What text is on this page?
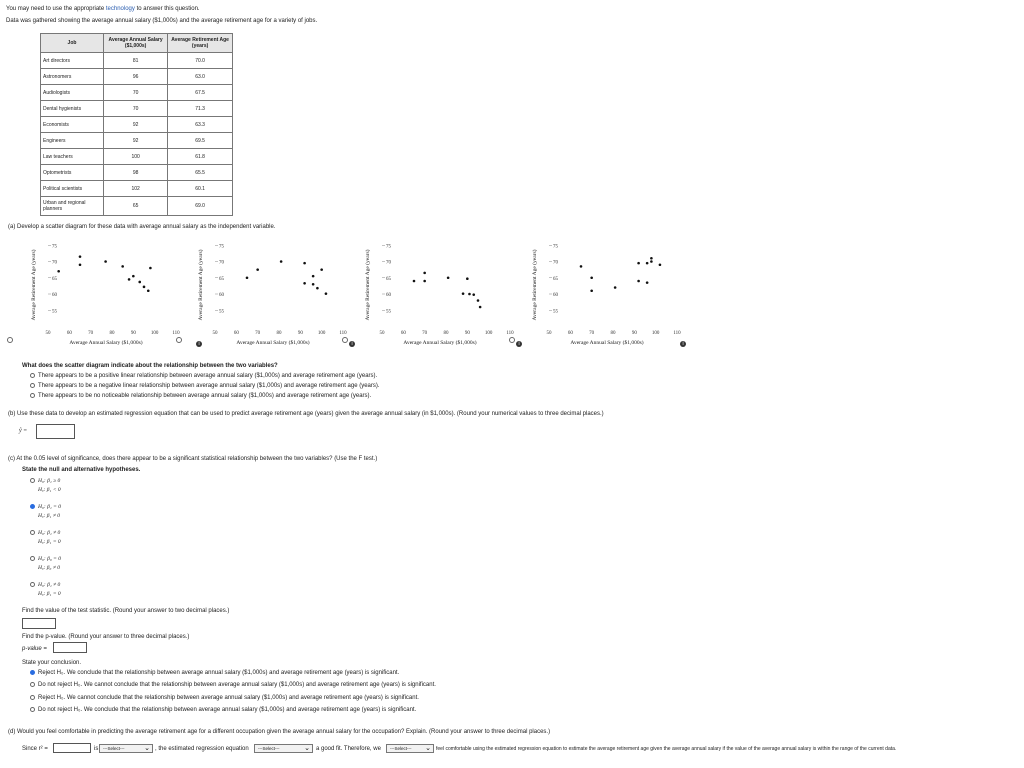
You may need to use the appropriate technology to answer this question.
Data was gathered showing the average annual salary ($1,000s) and the average retirement age for a variety of jobs.
Job	Average Annual Salary ($1,000s)	Average Retirement Age (years)
Art directors	81	70.0
Astronomers	96	63.0
Audiologists	70	67.5
Dental hygienists	70	71.3
Economists	92	63.3
Engineers	92	69.5
Law teachers	100	61.8
Optometrists	98	65.5
Political scientists	102	60.1
Urban and regional planners	65	69.0
(a) Develop a scatter diagram for these data with average annual salary as the independent variable.
55
60
65
70
75
50	60	70	80	90	100	110
Average Retirement Age (years)
Average Annual Salary ($1,000s)
55
60
65
70
75
50	60	70	80	90	100	110
Average Retirement Age (years)
Average Annual Salary ($1,000s)
55
60
65
70
75
50	60	70	80	90	100	110
Average Retirement Age (years)
Average Annual Salary ($1,000s)
55
60
65
70
75
50	60	70	80	90	100	110
Average Retirement Age (years)
Average Annual Salary ($1,000s)
i	i	i	i
What does the scatter diagram indicate about the relationship between the two variables?
There appears to be a positive linear relationship between average annual salary ($1,000s) and average retirement age (years).
There appears to be a negative linear relationship between average annual salary ($1,000s) and average retirement age (years).
There appears to be no noticeable relationship between average annual salary ($1,000s) and average retirement age (years).
(b) Use these data to develop an estimated regression equation that can be used to predict average retirement age (years) given the average annual salary (in $1,000s). (Round your numerical values to three decimal places.)
ŷ =
(c) At the 0.05 level of significance, does there appear to be a significant statistical relationship between the two variables? (Use the F test.)
State the null and alternative hypotheses.
H₀: β₁ ≥ 0
Hₐ: β₁ < 0
H₀: β₁ = 0
Hₐ: β₁ ≠ 0
H₀: β₁ ≠ 0
Hₐ: β₁ = 0
H₀: β₀ = 0
Hₐ: β₀ ≠ 0
H₀: β₁ ≠ 0
Hₐ: β₁ = 0
Find the value of the test statistic. (Round your answer to two decimal places.)
Find the p-value. (Round your answer to three decimal places.)
p-value =
State your conclusion.
Reject H₀. We conclude that the relationship between average annual salary ($1,000s) and average retirement age (years) is significant.
Do not reject H₀. We cannot conclude that the relationship between average annual salary ($1,000s) and average retirement age (years) is significant.
Reject H₀. We cannot conclude that the relationship between average annual salary ($1,000s) and average retirement age (years) is significant.
Do not reject H₀. We conclude that the relationship between average annual salary ($1,000s) and average retirement age (years) is significant.
(d) Would you feel comfortable in predicting the average retirement age for a different occupation given the average annual salary for the occupation? Explain. (Round your answer to three decimal places.)
Since r² =	is	---Select---	⌄ , the estimated regression equation	---Select---	⌄ a good fit. Therefore, we	---Select--- ⌄ feel comfortable using the estimated regression equation to estimate the average retirement age given the average annual salary if the value of the average annual salary is within the range of the current data.
